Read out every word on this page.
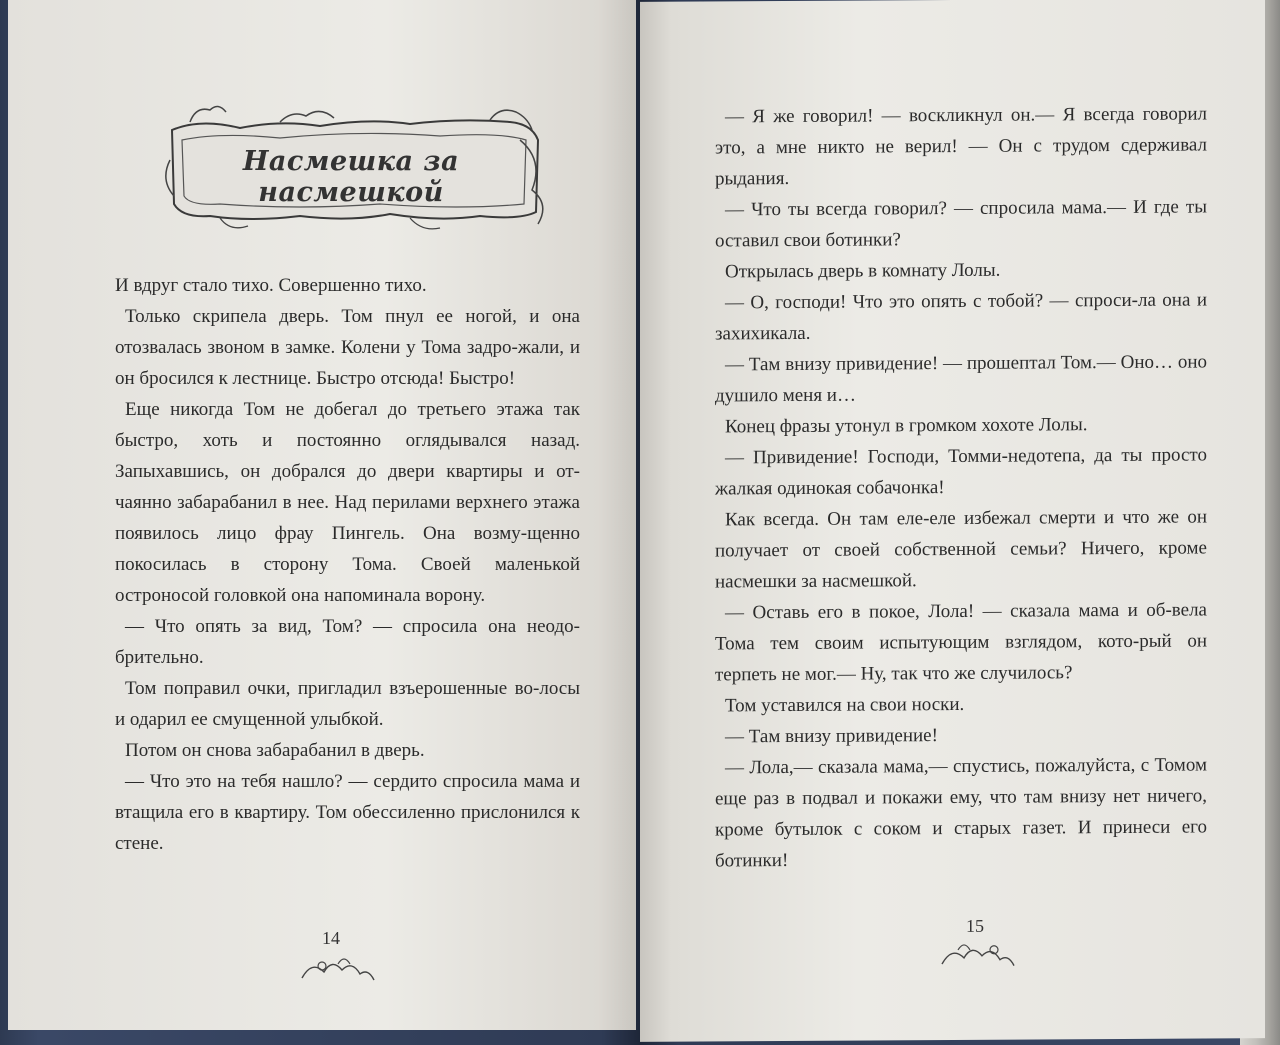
Насмешка за насмешкой

И вдруг стало тихо. Совершенно тихо.

Только скрипела дверь. Том пнул ее ногой, и она отозвалась звоном в замке. Колени у Тома задро-жали, и он бросился к лестнице. Быстро отсюда! Быстро!

Еще никогда Том не добегал до третьего этажа так быстро, хоть и постоянно оглядывался назад. Запыхавшись, он добрался до двери квартиры и от-чаянно забарабанил в нее. Над перилами верхнего этажа появилось лицо фрау Пингель. Она возму-щенно покосилась в сторону Тома. Своей маленькой остроносой головкой она напоминала ворону.

— Что опять за вид, Том? — спросила она неодо-брительно.

Том поправил очки, пригладил взъерошенные во-лосы и одарил ее смущенной улыбкой.

Потом он снова забарабанил в дверь.

— Что это на тебя нашло? — сердито спросила мама и втащила его в квартиру. Том обессиленно прислонился к стене.

14

— Я же говорил! — воскликнул он.— Я всегда говорил это, а мне никто не верил! — Он с трудом сдерживал рыдания.

— Что ты всегда говорил? — спросила мама.— И где ты оставил свои ботинки?

Открылась дверь в комнату Лолы.

— О, господи! Что это опять с тобой? — спроси-ла она и захихикала.

— Там внизу привидение! — прошептал Том.— Оно… оно душило меня и…

Конец фразы утонул в громком хохоте Лолы.

— Привидение! Господи, Томми-недотепа, да ты просто жалкая одинокая собачонка!

Как всегда. Он там еле-еле избежал смерти и что же он получает от своей собственной семьи? Ничего, кроме насмешки за насмешкой.

— Оставь его в покое, Лола! — сказала мама и об-вела Тома тем своим испытующим взглядом, кото-рый он терпеть не мог.— Ну, так что же случилось?

Том уставился на свои носки.

— Там внизу привидение!

— Лола,— сказала мама,— спустись, пожалуйста, с Томом еще раз в подвал и покажи ему, что там внизу нет ничего, кроме бутылок с соком и старых газет. И принеси его ботинки!

15
